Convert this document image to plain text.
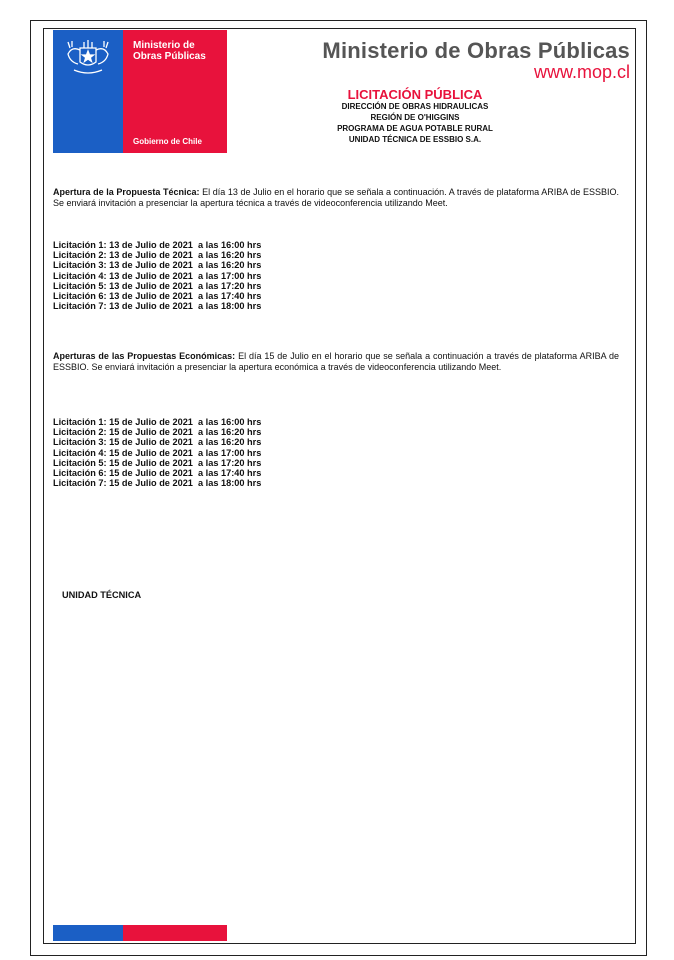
Ministerio de
Obras Públicas
Gobierno de Chile
Ministerio de Obras Públicas
www.mop.cl
LICITACIÓN PÚBLICA
DIRECCIÓN DE OBRAS HIDRAULICAS
REGIÓN DE O'HIGGINS
PROGRAMA DE AGUA POTABLE RURAL
UNIDAD TÉCNICA DE ESSBIO S.A.
Apertura de la Propuesta Técnica: El día 13 de Julio en el horario que se señala a continuación. A través de plataforma ARIBA de ESSBIO. Se enviará invitación a presenciar la apertura técnica a través de videoconferencia utilizando Meet.
Licitación 1: 13 de Julio de 2021  a las 16:00 hrs
Licitación 2: 13 de Julio de 2021  a las 16:20 hrs
Licitación 3: 13 de Julio de 2021  a las 16:20 hrs
Licitación 4: 13 de Julio de 2021  a las 17:00 hrs
Licitación 5: 13 de Julio de 2021  a las 17:20 hrs
Licitación 6: 13 de Julio de 2021  a las 17:40 hrs
Licitación 7: 13 de Julio de 2021  a las 18:00 hrs
Aperturas de las Propuestas Económicas: El día 15 de Julio en el horario que se señala a continuación a través de plataforma ARIBA de ESSBIO. Se enviará invitación a presenciar la apertura económica a través de videoconferencia utilizando Meet.
Licitación 1: 15 de Julio de 2021  a las 16:00 hrs
Licitación 2: 15 de Julio de 2021  a las 16:20 hrs
Licitación 3: 15 de Julio de 2021  a las 16:20 hrs
Licitación 4: 15 de Julio de 2021  a las 17:00 hrs
Licitación 5: 15 de Julio de 2021  a las 17:20 hrs
Licitación 6: 15 de Julio de 2021  a las 17:40 hrs
Licitación 7: 15 de Julio de 2021  a las 18:00 hrs
UNIDAD TÉCNICA
